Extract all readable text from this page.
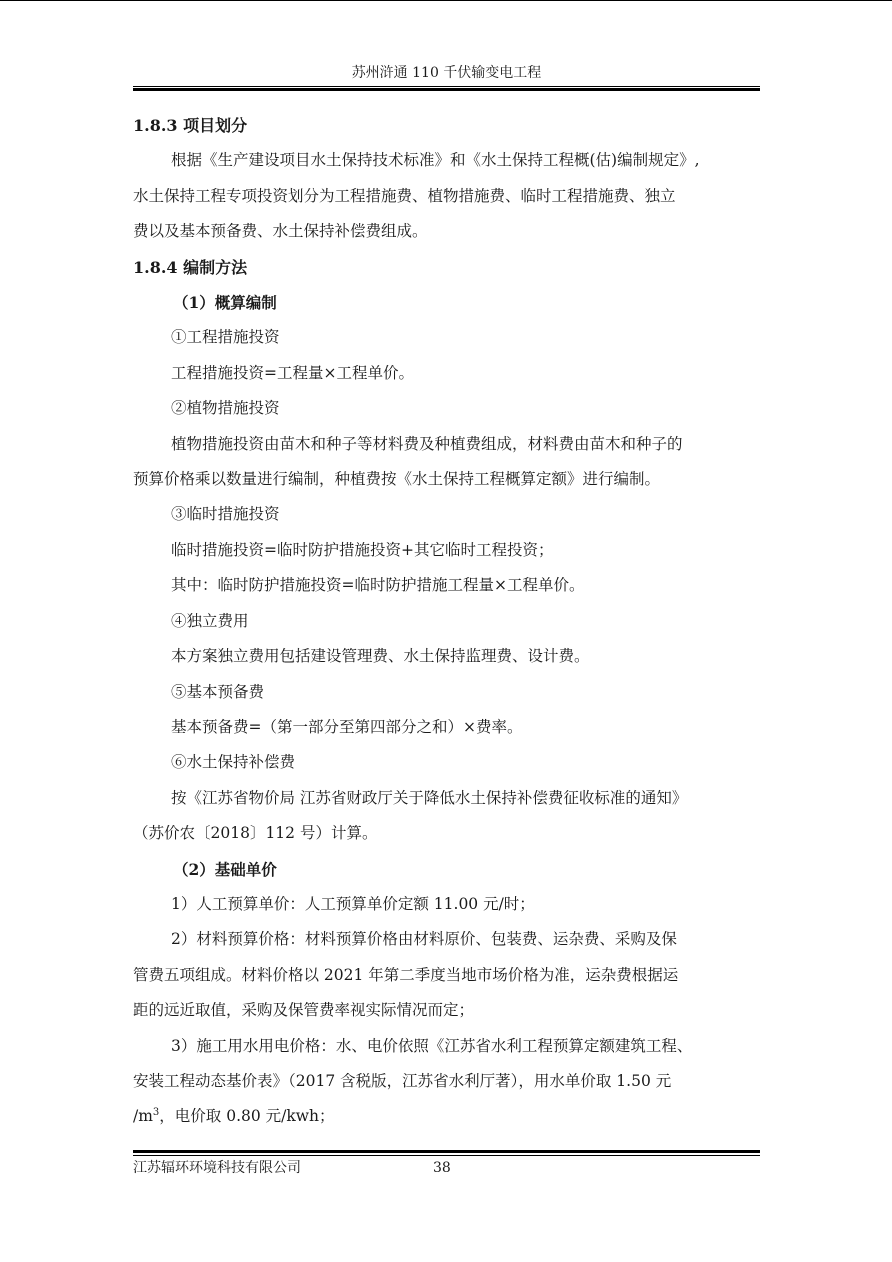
苏州浒通 110 千伏输变电工程

1.8.3 项目划分

根据《生产建设项目水土保持技术标准》和《水土保持工程概(估)编制规定》,

水土保持工程专项投资划分为工程措施费、植物措施费、临时工程措施费、独立

费以及基本预备费、水土保持补偿费组成。

1.8.4 编制方法

（1）概算编制

①工程措施投资

工程措施投资=工程量×工程单价。

②植物措施投资

植物措施投资由苗木和种子等材料费及种植费组成，材料费由苗木和种子的

预算价格乘以数量进行编制，种植费按《水土保持工程概算定额》进行编制。

③临时措施投资

临时措施投资=临时防护措施投资+其它临时工程投资；

其中：临时防护措施投资=临时防护措施工程量×工程单价。

④独立费用

本方案独立费用包括建设管理费、水土保持监理费、设计费。

⑤基本预备费

基本预备费=（第一部分至第四部分之和）×费率。

⑥水土保持补偿费

按《江苏省物价局 江苏省财政厅关于降低水土保持补偿费征收标准的通知》

（苏价农〔2018〕112 号）计算。

（2）基础单价

1）人工预算单价：人工预算单价定额 11.00 元/时；

2）材料预算价格：材料预算价格由材料原价、包装费、运杂费、采购及保

管费五项组成。材料价格以 2021 年第二季度当地市场价格为准，运杂费根据运

距的远近取值，采购及保管费率视实际情况而定；

3）施工用水用电价格：水、电价依照《江苏省水利工程预算定额建筑工程、

安装工程动态基价表》（2017 含税版，江苏省水利厅著），用水单价取 1.50 元

$/m^3$，电价取 0.80 元/kwh；

江苏辐环环境科技有限公司	38
